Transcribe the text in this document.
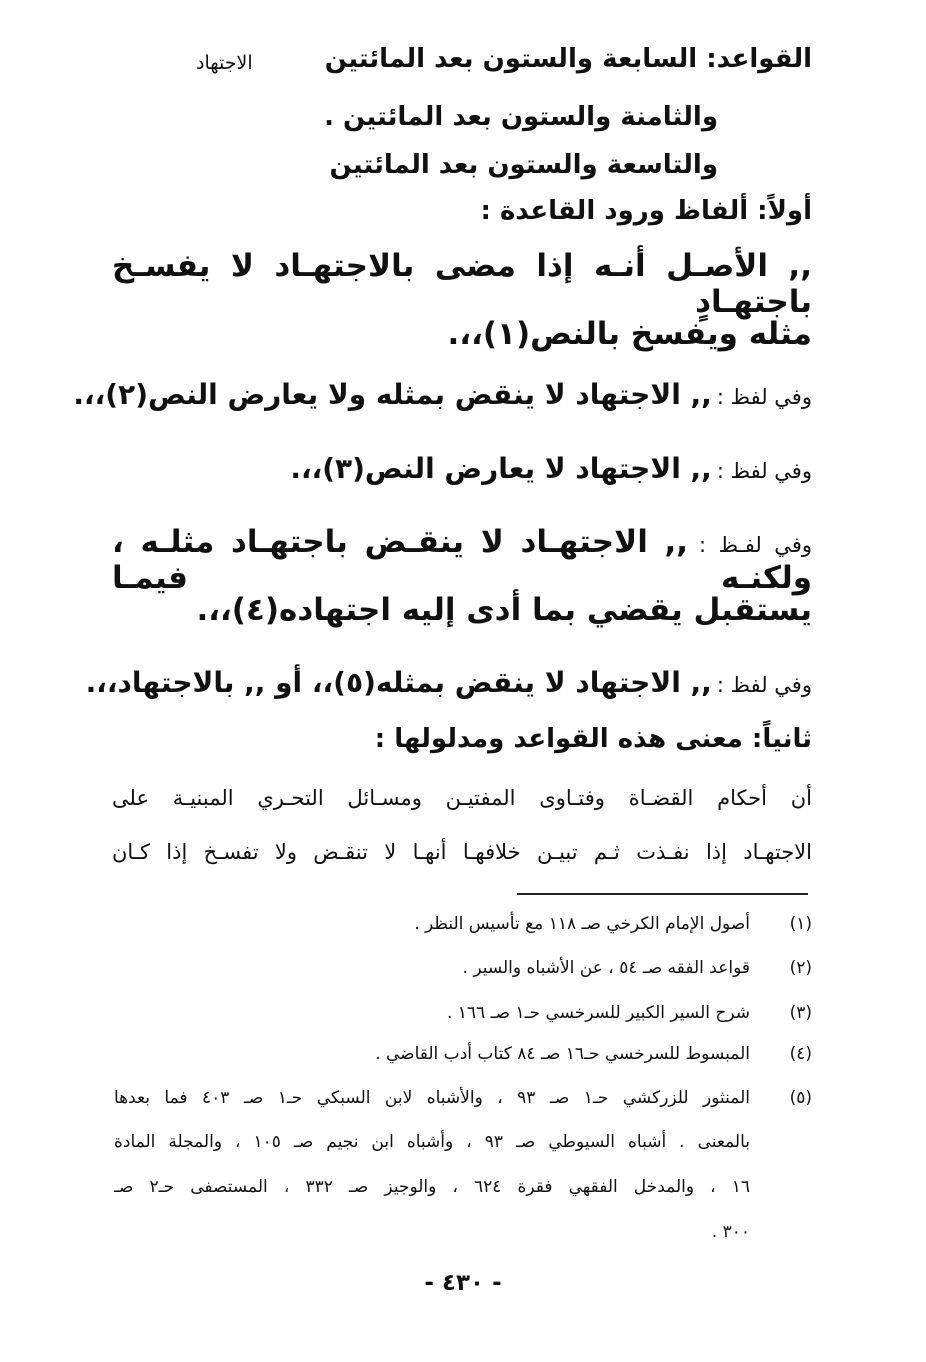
القواعد: السابعة والستون بعد المائتين
الاجتهاد
والثامنة والستون بعد المائتين .
والتاسعة والستون بعد المائتين
أولاً: ألفاظ ورود القاعدة :
,, الأصـل أنـه إذا مضى بالاجتهـاد لا يفسـخ باجتهـادٍ
مثله ويفسخ بالنص(١)،،.
وفي لفظ : ,, الاجتهاد لا ينقض بمثله ولا يعارض النص(٢)،،.
وفي لفظ : ,, الاجتهاد لا يعارض النص(٣)،،.
وفي لفـظ : ,, الاجتهـاد لا ينقـض باجتهـاد مثلـه ، ولكنـه فيمـا
يستقبل يقضي بما أدى إليه اجتهاده(٤)،،.
وفي لفظ : ,, الاجتهاد لا ينقض بمثله(٥)،، أو ,, بالاجتهاد،،.
ثانياً: معنى هذه القواعد ومدلولها :
أن أحكام القضـاة وفتـاوى المفتيـن ومسـائل التحـري المبنيـة على
الاجتهـاد إذا نفـذت ثـم تبيـن خلافهـا أنهـا لا تنقـض ولا تفسـخ إذا كـان
(١)
أصول الإمام الكرخي صـ ١١٨ مع تأسيس النظر .
(٢)
قواعد الفقه صـ ٥٤ ، عن الأشباه والسير .
(٣)
شرح السير الكبير للسرخسي حـ١ صـ ١٦٦ .
(٤)
المبسوط للسرخسي حـ١٦ صـ ٨٤ كتاب أدب القاضي .
(٥)
المنثور للزركشي حـ١ صـ ٩٣ ، والأشباه لابن السبكي حـ١ صـ ٤٠٣ فما بعدها
بالمعنى . أشباه السيوطي صـ ٩٣ ، وأشباه ابن نجيم صـ ١٠٥ ، والمجلة المادة
١٦ ، والمدخل الفقهي فقرة ٦٢٤ ، والوجيز صـ ٣٣٢ ، المستصفى حـ٢ صـ
٣٠٠ .
- ٤٣٠ -
